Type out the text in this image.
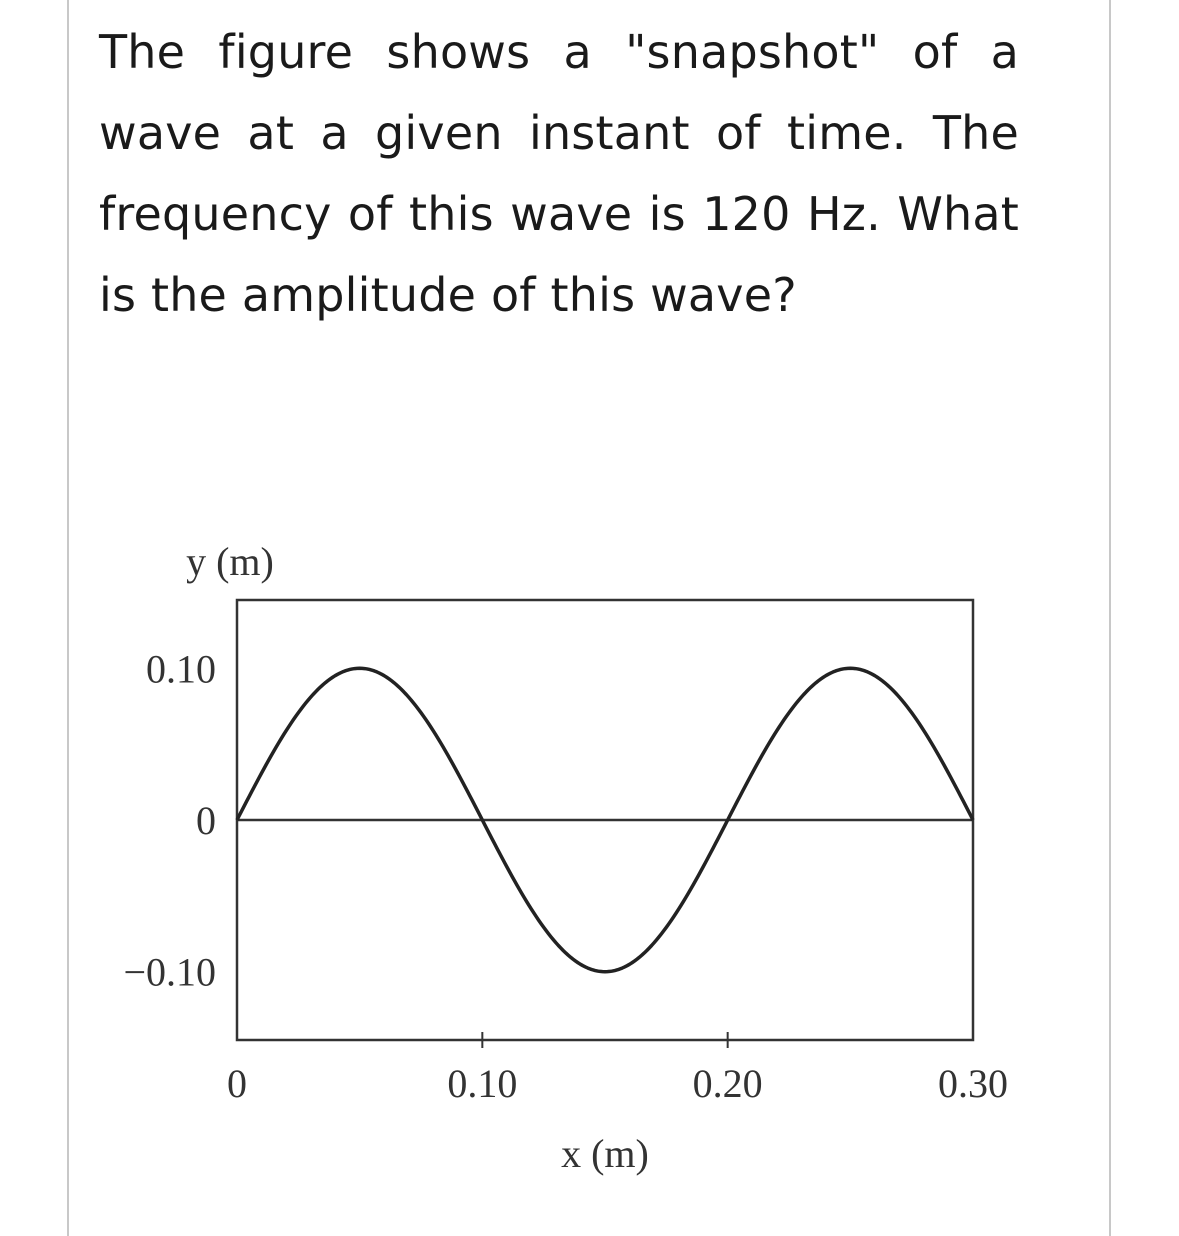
The figure shows a "snapshot" of a wave at a given instant of time. The frequency of this wave is 120 Hz. What is the amplitude of this wave?

0	0.10	0.20	0.30
0.10
0
−0.10
y (m)
x (m)
